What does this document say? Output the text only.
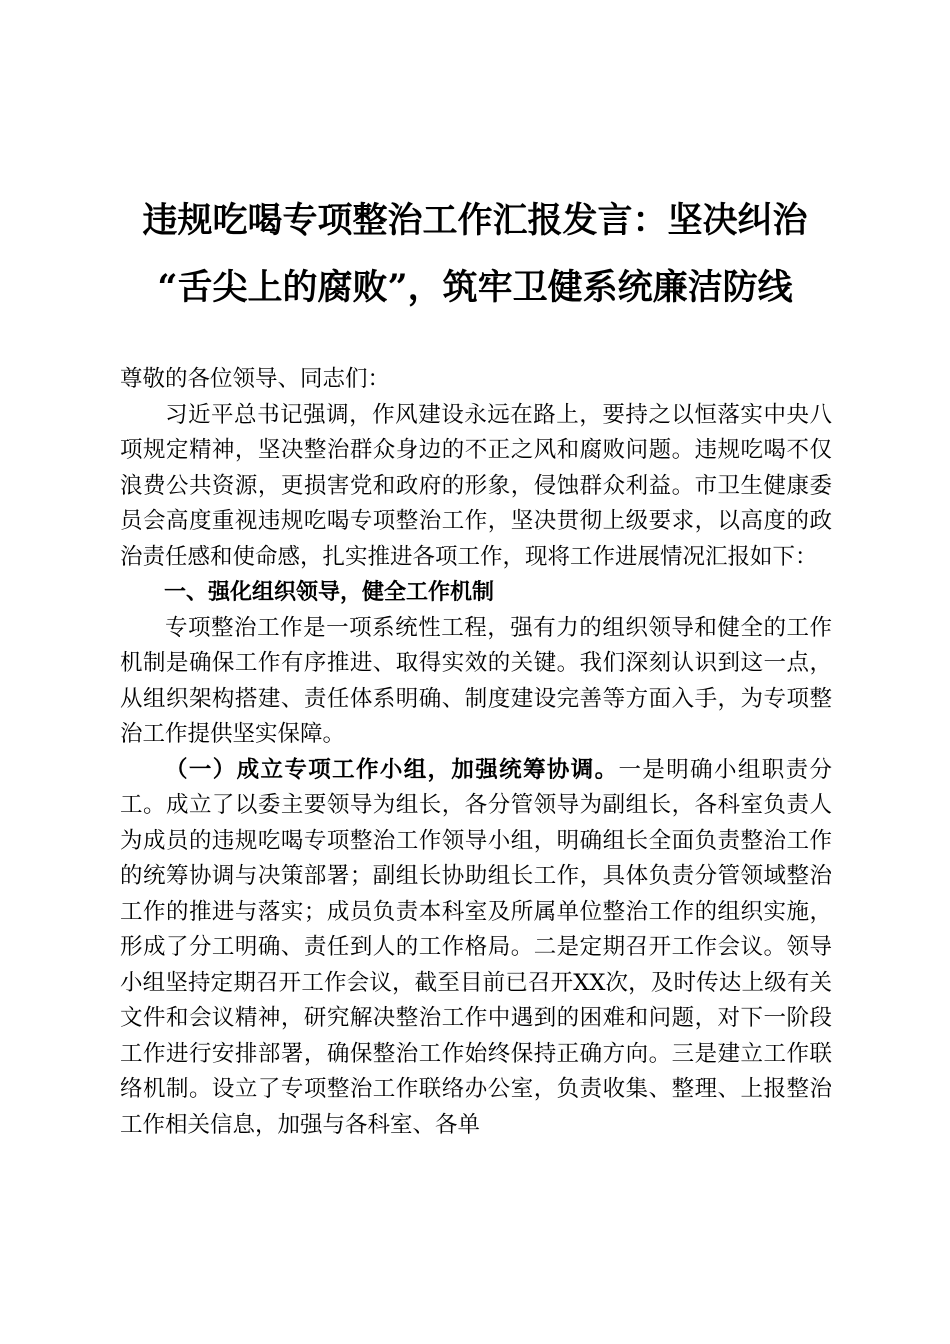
违规吃喝专项整治工作汇报发言：坚决纠治
“舌尖上的腐败”，筑牢卫健系统廉洁防线

尊敬的各位领导、同志们：

习近平总书记强调，作风建设永远在路上，要持之以恒落实中央八项规定精神，坚决整治群众身边的不正之风和腐败问题。违规吃喝不仅浪费公共资源，更损害党和政府的形象，侵蚀群众利益。市卫生健康委员会高度重视违规吃喝专项整治工作，坚决贯彻上级要求，以高度的政治责任感和使命感，扎实推进各项工作，现将工作进展情况汇报如下：

一、强化组织领导，健全工作机制

专项整治工作是一项系统性工程，强有力的组织领导和健全的工作机制是确保工作有序推进、取得实效的关键。我们深刻认识到这一点，从组织架构搭建、责任体系明确、制度建设完善等方面入手，为专项整治工作提供坚实保障。

（一）成立专项工作小组，加强统筹协调。一是明确小组职责分工。成立了以委主要领导为组长，各分管领导为副组长，各科室负责人为成员的违规吃喝专项整治工作领导小组，明确组长全面负责整治工作的统筹协调与决策部署；副组长协助组长工作，具体负责分管领域整治工作的推进与落实；成员负责本科室及所属单位整治工作的组织实施，形成了分工明确、责任到人的工作格局。二是定期召开工作会议。领导小组坚持定期召开工作会议，截至目前已召开XX次，及时传达上级有关文件和会议精神，研究解决整治工作中遇到的困难和问题，对下一阶段工作进行安排部署，确保整治工作始终保持正确方向。三是建立工作联络机制。设立了专项整治工作联络办公室，负责收集、整理、上报整治工作相关信息，加强与各科室、各单
